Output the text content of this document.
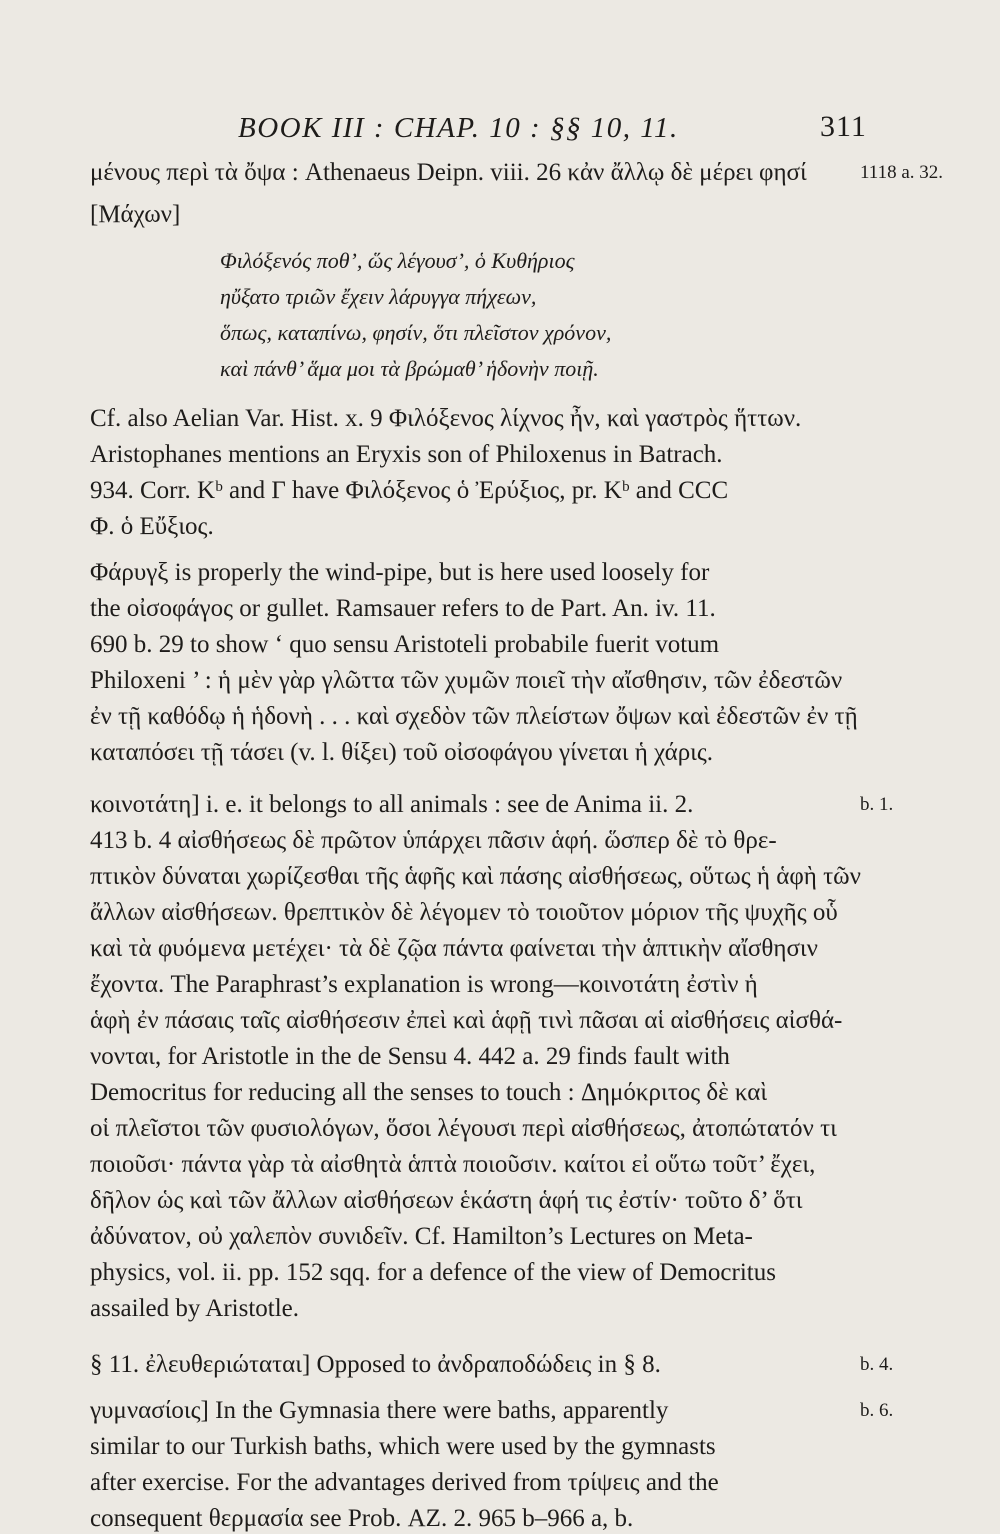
BOOK III : CHAP. 10 : §§ 10, 11.	311
μένους περὶ τὰ ὄψα : Athenaeus Deipn. viii. 26 κἀν ἄλλῳ δὲ μέρει φησί	1118 a. 32.
[Μάχων]
Φιλόξενός ποθ’, ὥς λέγουσ’, ὁ Κυθήριος
ηὔξατο τριῶν ἔχειν λάρυγγα πήχεων,
ὅπως, καταπίνω, φησίν, ὅτι πλεῖστον χρόνον,
καὶ πάνθ’ ἅμα μοι τὰ βρώμαθ’ ἡδονὴν ποιῇ.
Cf. also Aelian Var. Hist. x. 9 Φιλόξενος λίχνος ἦν, καὶ γαστρὸς ἥττων.
Aristophanes mentions an Eryxis son of Philoxenus in Batrach.
934. Corr. Kᵇ and Γ have Φιλόξενος ὁ Ἐρύξιος, pr. Kᵇ and CCC
Φ. ὁ Εὔξιος.
Φάρυγξ is properly the wind-pipe, but is here used loosely for
the οἰσοφάγος or gullet. Ramsauer refers to de Part. An. iv. 11.
690 b. 29 to show ‘ quo sensu Aristoteli probabile fuerit votum
Philoxeni ’ : ἡ μὲν γὰρ γλῶττα τῶν χυμῶν ποιεῖ τὴν αἴσθησιν, τῶν ἐδεστῶν
ἐν τῇ καθόδῳ ἡ ἡδονὴ . . . καὶ σχεδὸν τῶν πλείστων ὄψων καὶ ἐδεστῶν ἐν τῇ
καταπόσει τῇ τάσει (v. l. θίξει) τοῦ οἰσοφάγου γίνεται ἡ χάρις.
κοινοτάτη] i. e. it belongs to all animals : see de Anima ii. 2.	b. 1.
413 b. 4 αἰσθήσεως δὲ πρῶτον ὑπάρχει πᾶσιν ἁφή. ὥσπερ δὲ τὸ θρε-
πτικὸν δύναται χωρίζεσθαι τῆς ἁφῆς καὶ πάσης αἰσθήσεως, οὕτως ἡ ἁφὴ τῶν
ἄλλων αἰσθήσεων. θρεπτικὸν δὲ λέγομεν τὸ τοιοῦτον μόριον τῆς ψυχῆς οὗ
καὶ τὰ φυόμενα μετέχει· τὰ δὲ ζῷα πάντα φαίνεται τὴν ἁπτικὴν αἴσθησιν
ἔχοντα. The Paraphrast’s explanation is wrong—κοινοτάτη ἐστὶν ἡ
ἁφὴ ἐν πάσαις ταῖς αἰσθήσεσιν ἐπεὶ καὶ ἁφῇ τινὶ πᾶσαι αἱ αἰσθήσεις αἰσθά-
νονται, for Aristotle in the de Sensu 4. 442 a. 29 finds fault with
Democritus for reducing all the senses to touch : Δημόκριτος δὲ καὶ
οἱ πλεῖστοι τῶν φυσιολόγων, ὅσοι λέγουσι περὶ αἰσθήσεως, ἀτοπώτατόν τι
ποιοῦσι· πάντα γὰρ τὰ αἰσθητὰ ἁπτὰ ποιοῦσιν. καίτοι εἰ οὕτω τοῦτ’ ἔχει,
δῆλον ὡς καὶ τῶν ἄλλων αἰσθήσεων ἑκάστη ἁφή τις ἐστίν· τοῦτο δ’ ὅτι
ἀδύνατον, οὐ χαλεπὸν συνιδεῖν. Cf. Hamilton’s Lectures on Meta-
physics, vol. ii. pp. 152 sqq. for a defence of the view of Democritus
assailed by Aristotle.
§ 11. ἐλευθεριώταται] Opposed to ἀνδραποδώδεις in § 8.	b. 4.
γυμνασίοις] In the Gymnasia there were baths, apparently	b. 6.
similar to our Turkish baths, which were used by the gymnasts
after exercise. For the advantages derived from τρίψεις and the
consequent θερμασία see Prob. ΑΖ. 2. 965 b–966 a, b.
